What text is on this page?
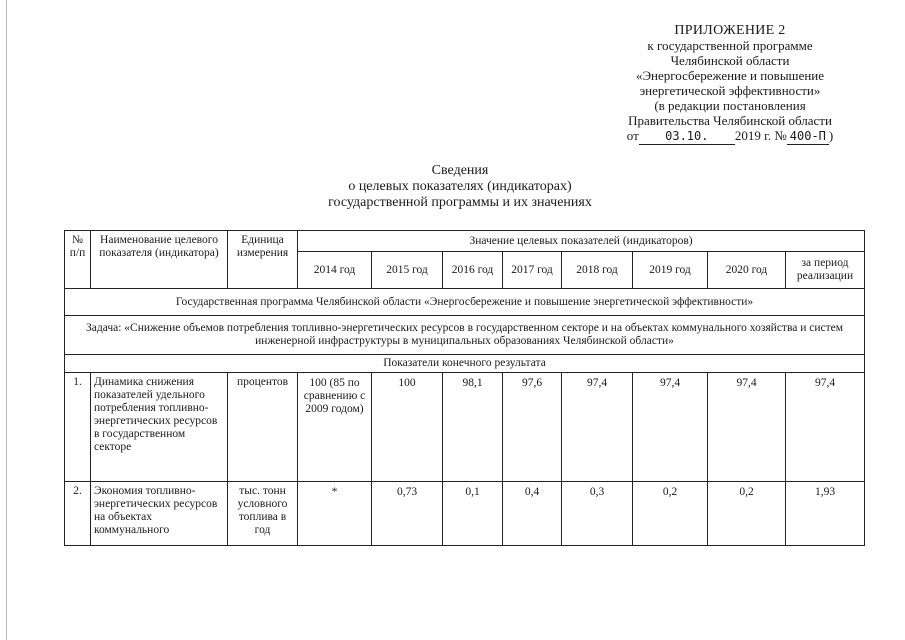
ПРИЛОЖЕНИЕ 2
к государственной программе
Челябинской области
«Энергосбережение и повышение
энергетической эффективности»
(в редакции постановления
Правительства Челябинской области
от 03.10. 2019 г. № 400-П )
Сведения
о целевых показателях (индикаторах)
государственной программы и их значениях
№ п/п	Наименование целевого показателя (индикатора)	Единица измерения	Значение целевых показателей (индикаторов)							
			2014 год	2015 год	2016 год	2017 год	2018 год	2019 год	2020 год	за период реализации
Государственная программа Челябинской области «Энергосбережение и повышение энергетической эффективности»										
Задача: «Снижение объемов потребления топливно-энергетических ресурсов в государственном секторе и на объектах коммунального хозяйства и систем инженерной инфраструктуры в муниципальных образованиях Челябинской области»										
Показатели конечного результата										
1.	Динамика снижения показателей удельного потребления топливно-энергетических ресурсов в государственном секторе	процентов	100 (85 по сравнению с 2009 годом)	100	98,1	97,6	97,4	97,4	97,4	97,4
2.	Экономия топливно-энергетических ресурсов на объектах коммунального	тыс. тонн условного топлива в год	*	0,73	0,1	0,4	0,3	0,2	0,2	1,93
